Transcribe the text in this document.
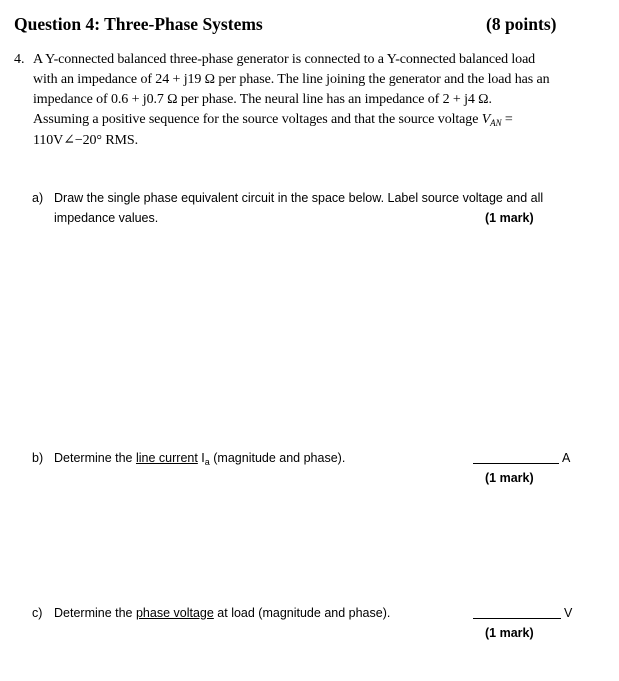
Question 4: Three-Phase Systems	(8 points)
4. A Y-connected balanced three-phase generator is connected to a Y-connected balanced load
with an impedance of 24 + j19 Ω per phase. The line joining the generator and the load has an
impedance of 0.6 + j0.7 Ω per phase. The neural line has an impedance of 2 + j4 Ω.
Assuming a positive sequence for the source voltages and that the source voltage $V_{AN}$ =
110V∠−20° RMS.
a) Draw the single phase equivalent circuit in the space below. Label source voltage and all
impedance values.	(1 mark)
b) Determine the line current $I_a$ (magnitude and phase).	A
(1 mark)
c) Determine the phase voltage at load (magnitude and phase).	V
(1 mark)
